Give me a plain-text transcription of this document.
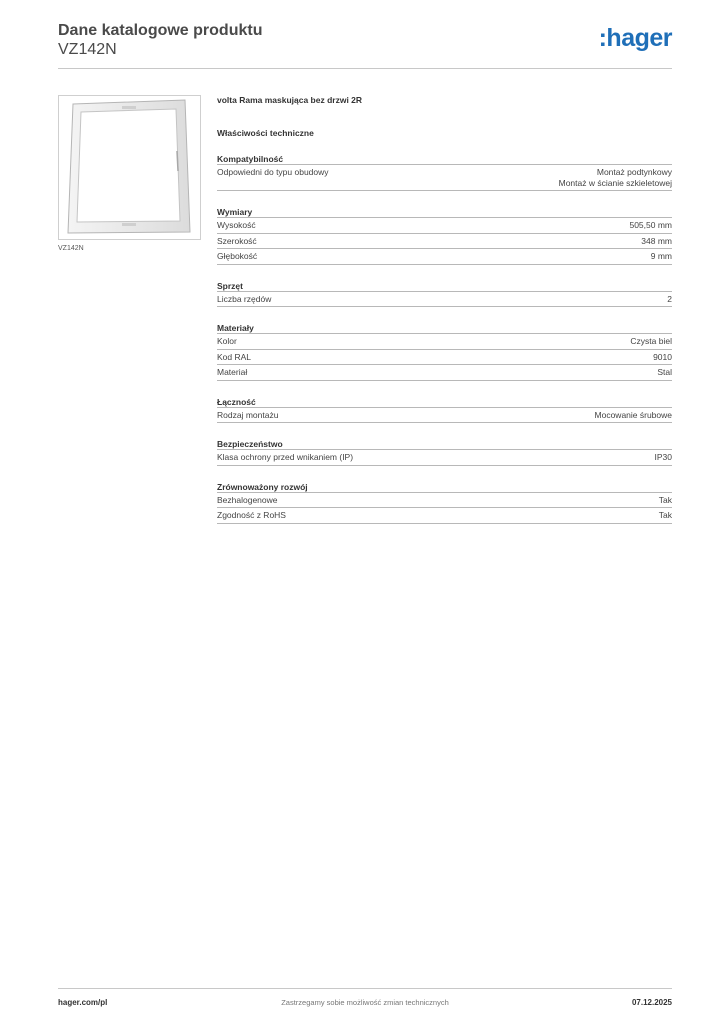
Dane katalogowe produktu
VZ142N	:hager
VZ142N
volta Rama maskująca bez drzwi 2R
Właściwości techniczne
Kompatybilność
Odpowiedni do typu obudowy	Montaż podtynkowy
Montaż w ścianie szkieletowej
Wymiary
Wysokość	505,50 mm
Szerokość	348 mm
Głębokość	9 mm
Sprzęt
Liczba rzędów	2
Materiały
Kolor	Czysta biel
Kod RAL	9010
Materiał	Stal
Łączność
Rodzaj montażu	Mocowanie śrubowe
Bezpieczeństwo
Klasa ochrony przed wnikaniem (IP)	IP30
Zrównoważony rozwój
Bezhalogenowe	Tak
Zgodność z RoHS	Tak
hager.com/pl	Zastrzegamy sobie możliwość zmian technicznych	07.12.2025
